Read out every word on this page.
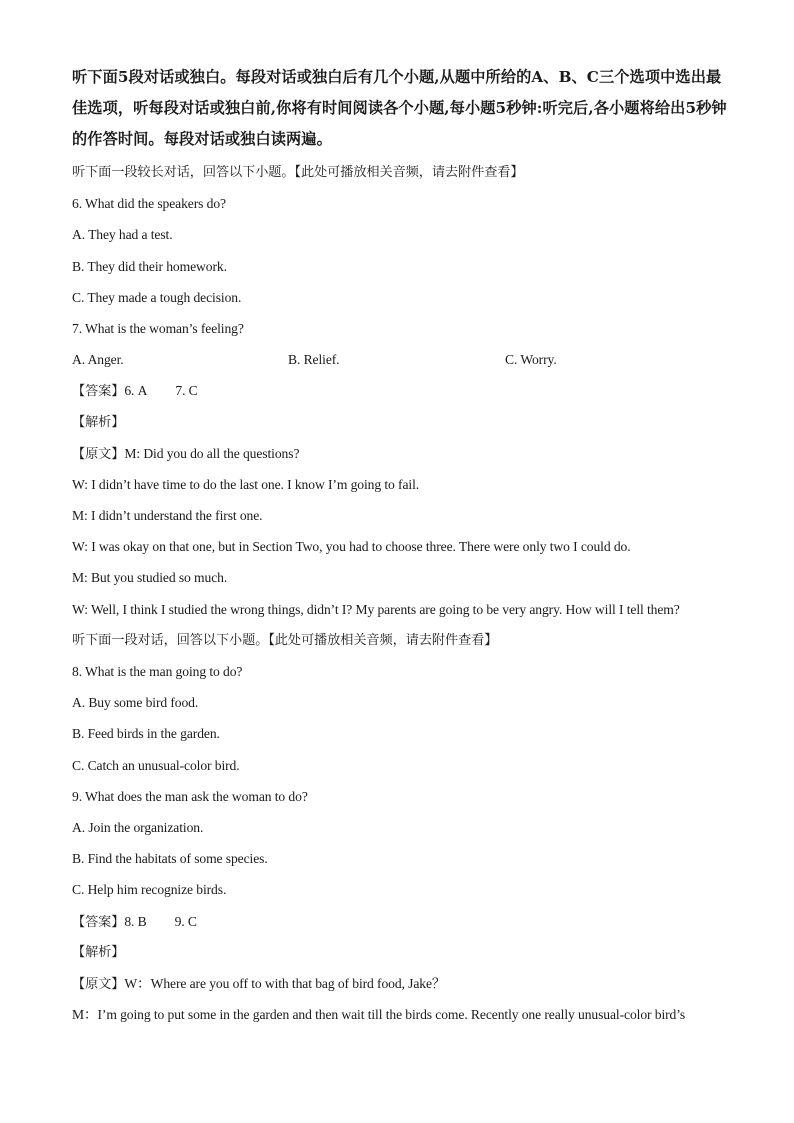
听下面5段对话或独白。每段对话或独白后有几个小题,从题中所给的A、B、C三个选项中选出最佳选项，听每段对话或独白前,你将有时间阅读各个小题,每小题5秒钟:听完后,各小题将给出5秒钟的作答时间。每段对话或独白读两遍。
听下面一段较长对话，回答以下小题。【此处可播放相关音频，请去附件查看】
6. What did the speakers do?
A. They had a test.
B. They did their homework.
C. They made a tough decision.
7. What is the woman’s feeling?
A. Anger.	B. Relief.	C. Worry.
【答案】6. A 7. C
【解析】
【原文】M: Did you do all the questions?
W: I didn’t have time to do the last one. I know I’m going to fail.
M: I didn’t understand the first one.
W: I was okay on that one, but in Section Two, you had to choose three. There were only two I could do.
M: But you studied so much.
W: Well, I think I studied the wrong things, didn’t I? My parents are going to be very angry. How will I tell them?
听下面一段对话，回答以下小题。【此处可播放相关音频，请去附件查看】
8. What is the man going to do?
A. Buy some bird food.
B. Feed birds in the garden.
C. Catch an unusual-color bird.
9. What does the man ask the woman to do?
A. Join the organization.
B. Find the habitats of some species.
C. Help him recognize birds.
【答案】8. B 9. C
【解析】
【原文】W：Where are you off to with that bag of bird food, Jake？
M：I’m going to put some in the garden and then wait till the birds come. Recently one really unusual-color bird’s
